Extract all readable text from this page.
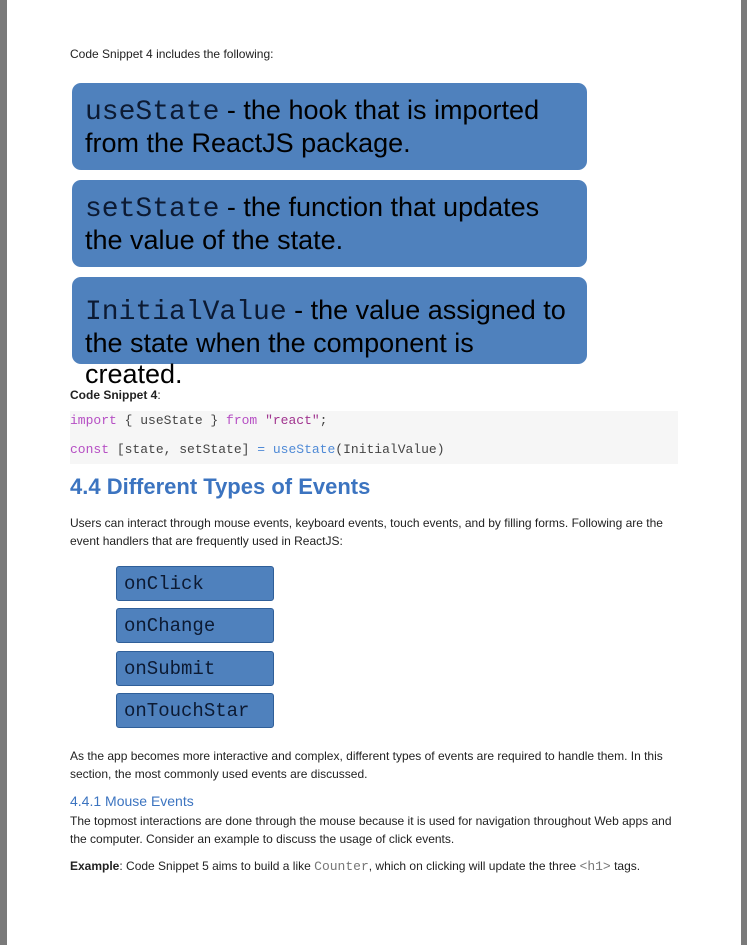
Code Snippet 4 includes the following:

useState - the hook that is imported from the ReactJS package.
setState - the function that updates the value of the state.
InitialValue - the value assigned to the state when the component is created.

Code Snippet 4:

import { useState } from "react";
const [state, setState] = useState(InitialValue)
4.4 Different Types of Events

Users can interact through mouse events, keyboard events, touch events, and by filling forms. Following are the event handlers that are frequently used in ReactJS:

onClick
onChange
onSubmit
onTouchStar

As the app becomes more interactive and complex, different types of events are required to handle them. In this section, the most commonly used events are discussed.

4.4.1 Mouse Events

The topmost interactions are done through the mouse because it is used for navigation throughout Web apps and the computer. Consider an example to discuss the usage of click events.

Example: Code Snippet 5 aims to build a like Counter, which on clicking will update the three <h1> tags.
